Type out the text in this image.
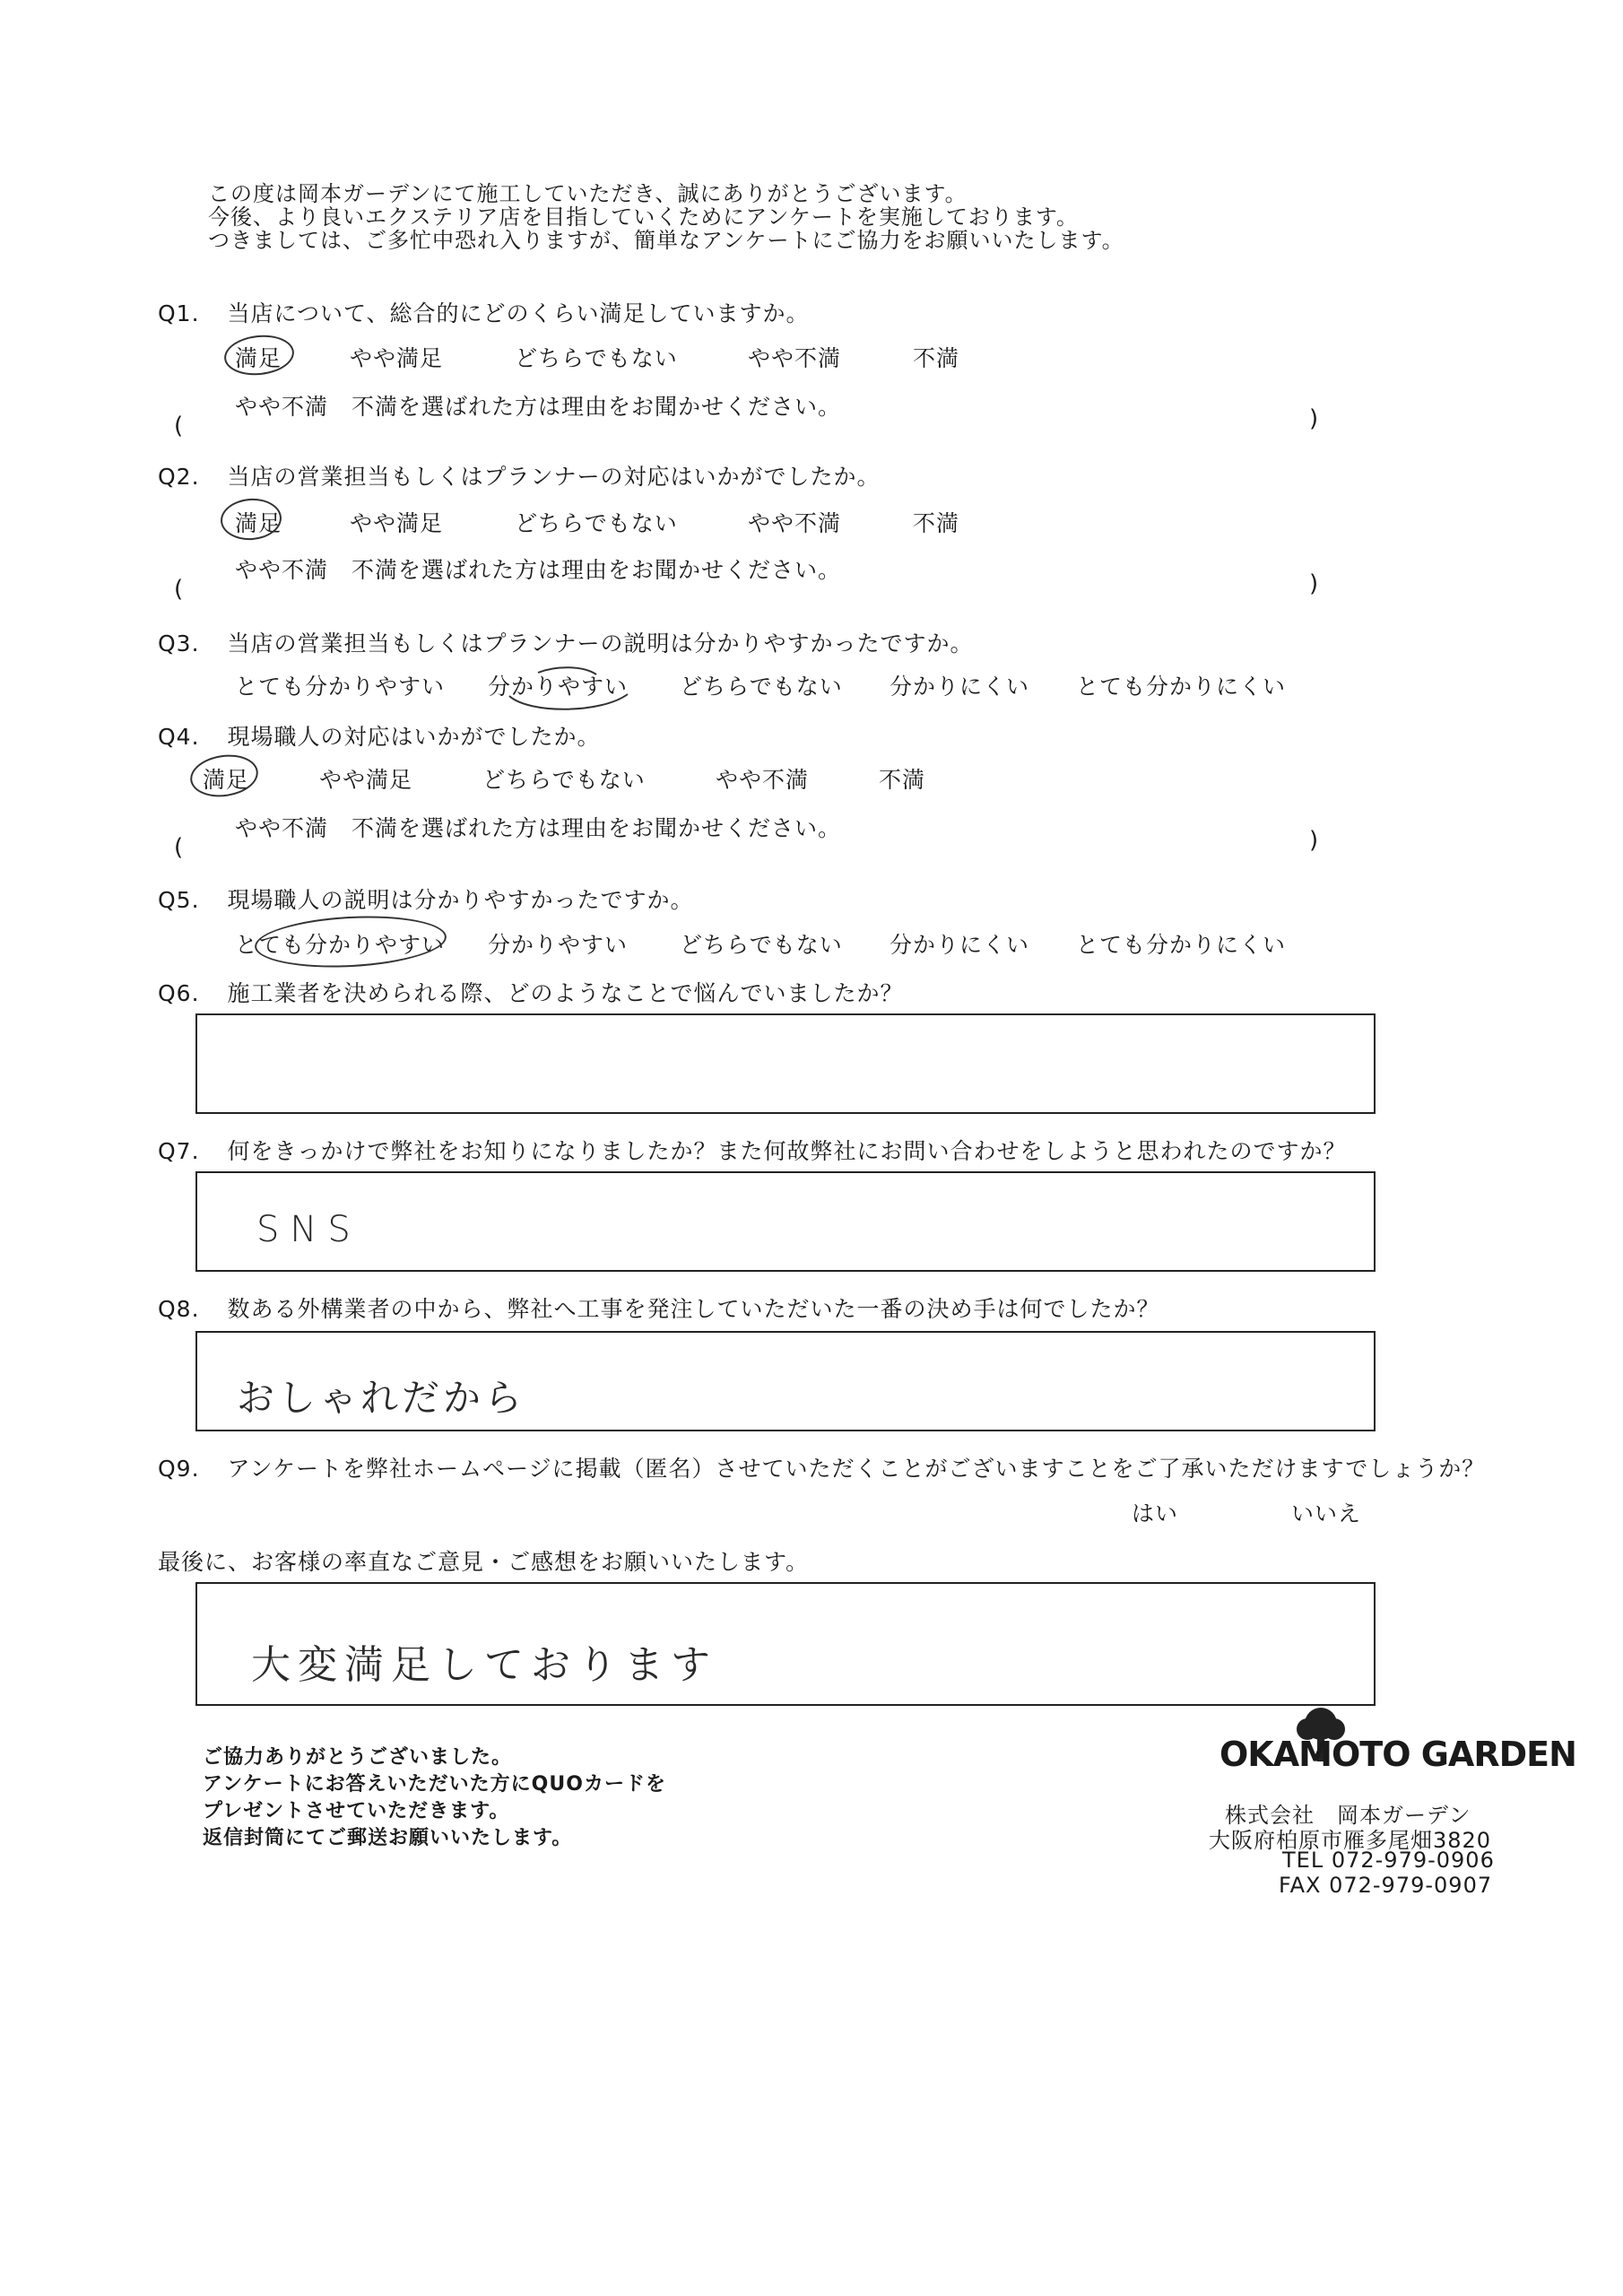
この度は岡本ガーデンにて施工していただき、誠にありがとうございます。
今後、より良いエクステリア店を目指していくためにアンケートを実施しております。
つきましては、ご多忙中恐れ入りますが、簡単なアンケートにご協力をお願いいたします。
Q1. 当店について、総合的にどのくらい満足していますか。
満足	やや満足	どちらでもない	やや不満	不満
やや不満　不満を選ばれた方は理由をお聞かせください。
(	)
Q2. 当店の営業担当もしくはプランナーの対応はいかがでしたか。
満足	やや満足	どちらでもない	やや不満	不満
やや不満　不満を選ばれた方は理由をお聞かせください。
(	)
Q3. 当店の営業担当もしくはプランナーの説明は分かりやすかったですか。
とても分かりやすい 分かりやすい どちらでもない 分かりにくい とても分かりにくい
Q4. 現場職人の対応はいかがでしたか。
満足	やや満足	どちらでもない	やや不満	不満
やや不満　不満を選ばれた方は理由をお聞かせください。
(	)
Q5. 現場職人の説明は分かりやすかったですか。
とても分かりやすい 分かりやすい どちらでもない 分かりにくい とても分かりにくい
Q6. 施工業者を決められる際、どのようなことで悩んでいましたか？
Q7. 何をきっかけで弊社をお知りになりましたか？また何故弊社にお問い合わせをしようと思われたのですか？
SNS
Q8. 数ある外構業者の中から、弊社へ工事を発注していただいた一番の決め手は何でしたか？
おしゃれだから
Q9. アンケートを弊社ホームページに掲載（匿名）させていただくことがございますことをご了承いただけますでしょうか？
はい	いいえ
最後に、お客様の率直なご意見・ご感想をお願いいたします。
大変満足しております
ご協力ありがとうございました。
アンケートにお答えいただいた方にQUOカードを
プレゼントさせていただきます。
返信封筒にてご郵送お願いいたします。
OKAMOTO GARDEN
株式会社　岡本ガーデン
大阪府柏原市雁多尾畑3820
TEL 072-979-0906
FAX 072-979-0907
